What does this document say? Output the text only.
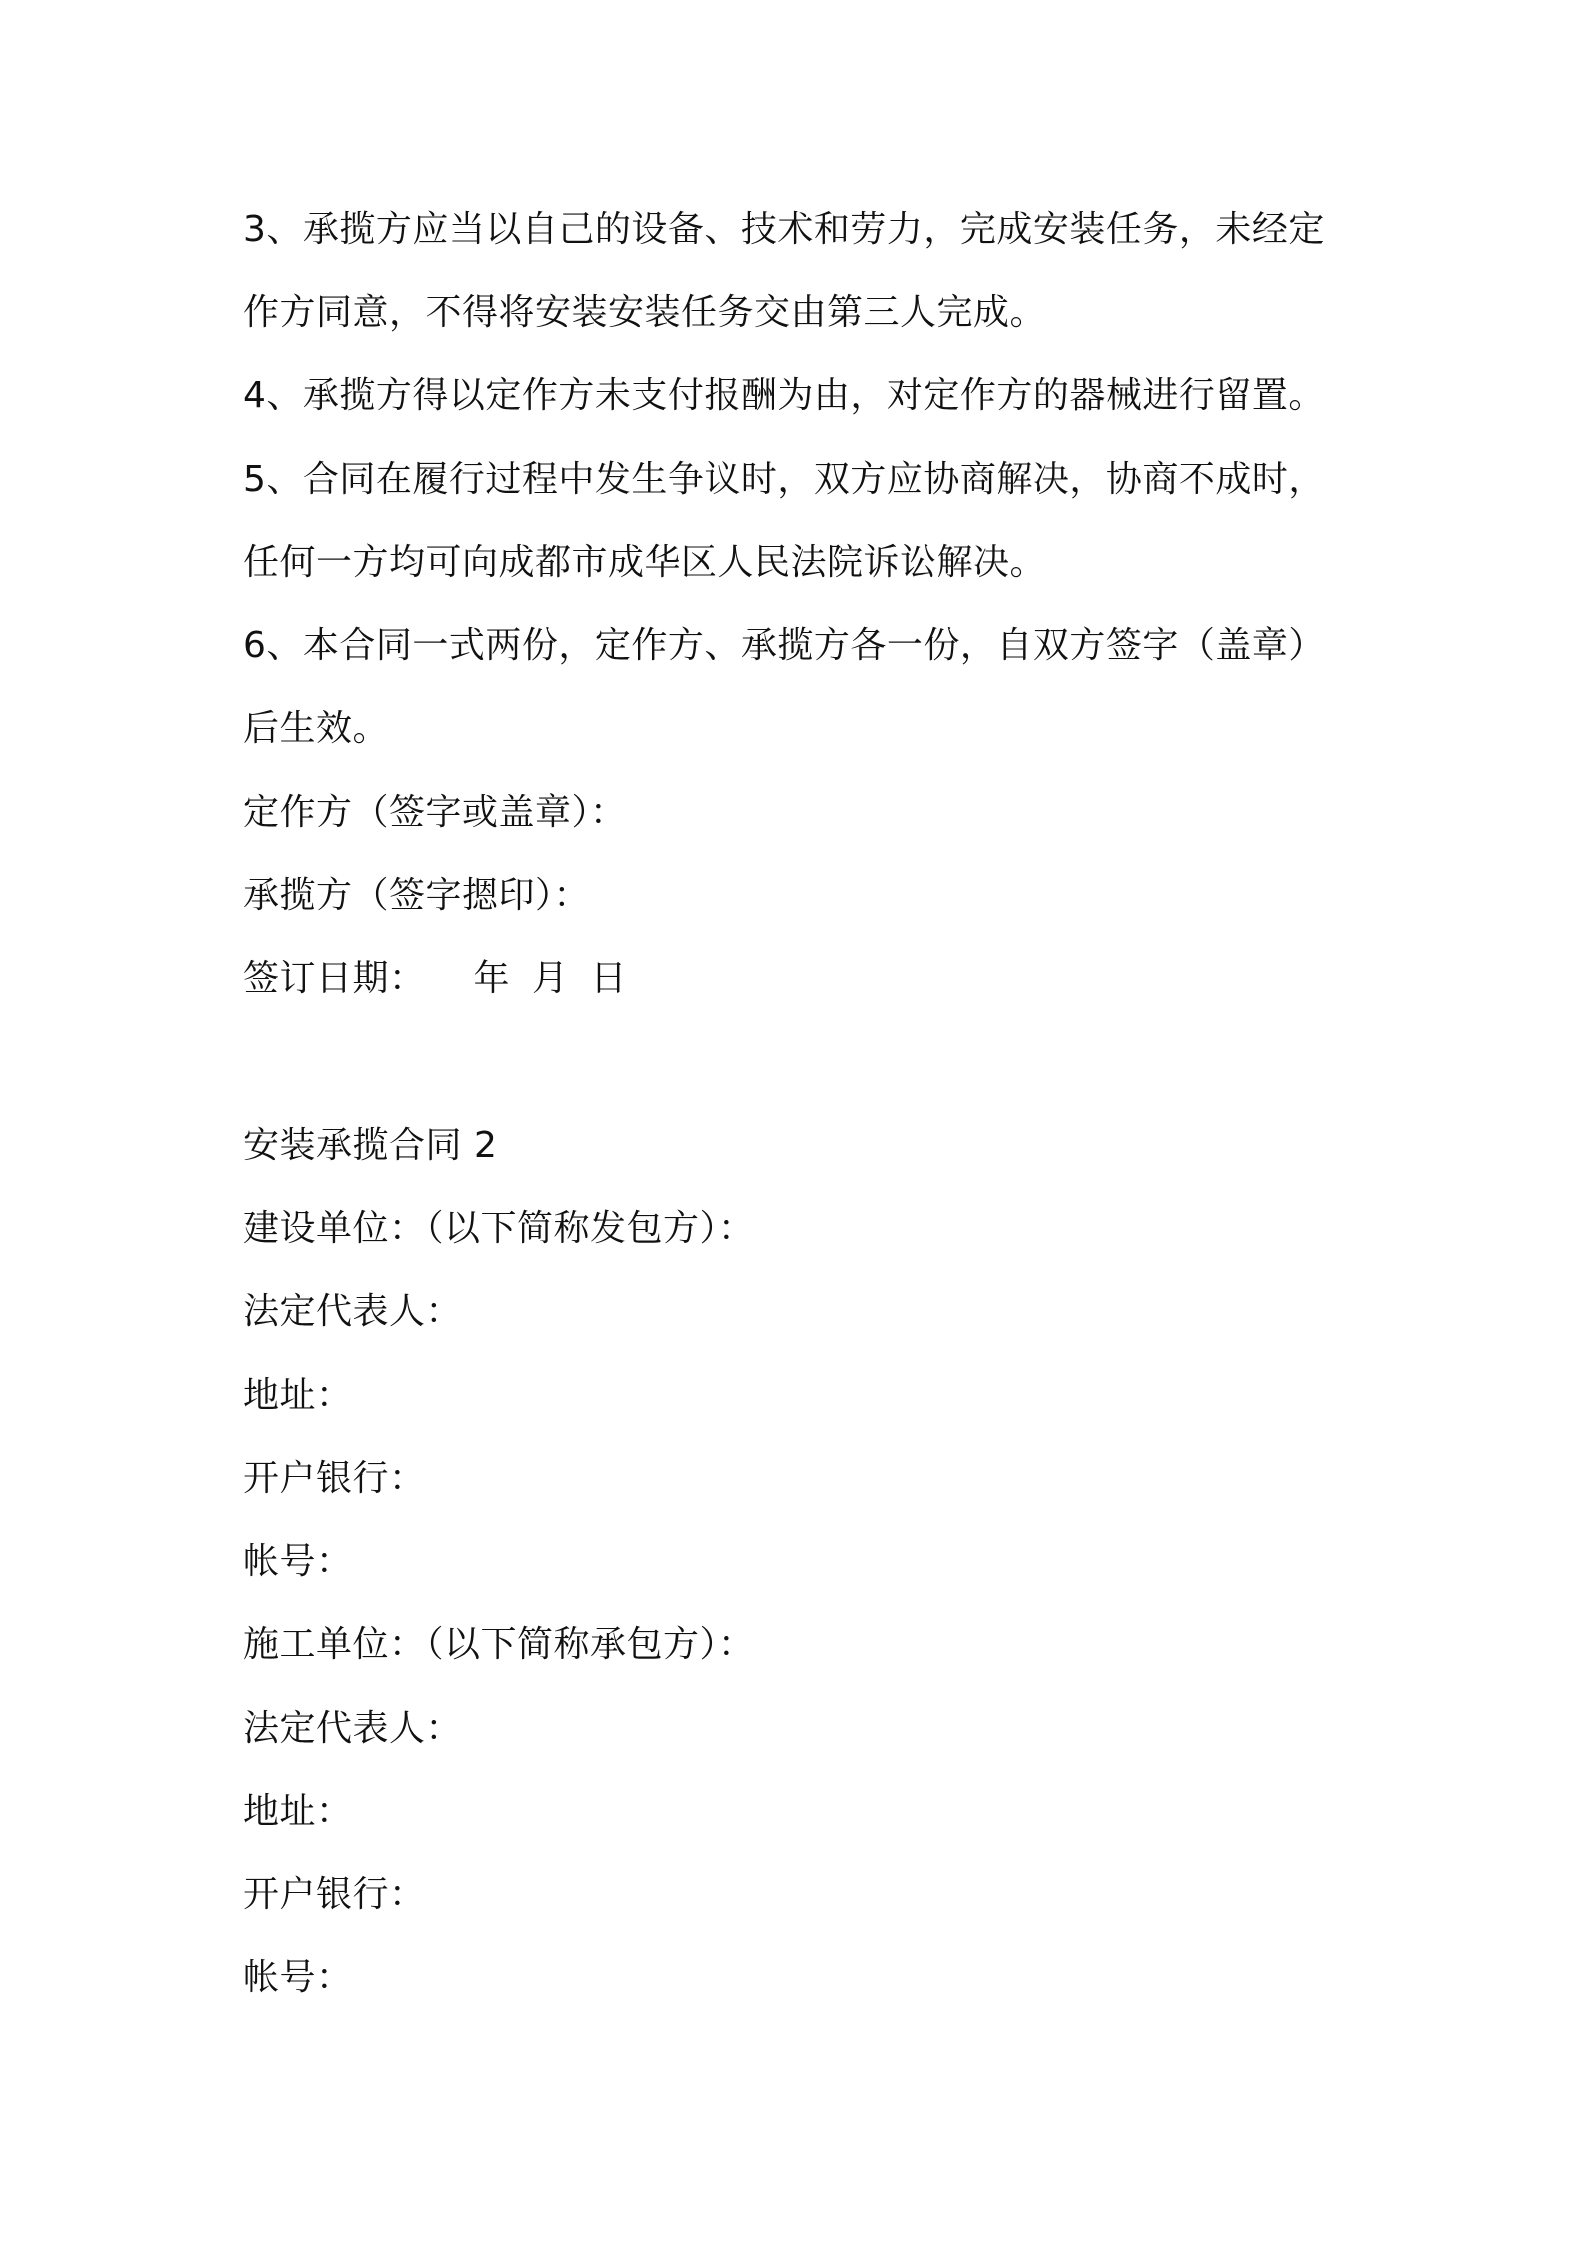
3、承揽方应当以自己的设备、技术和劳力，完成安装任务，未经定
作方同意，不得将安装安装任务交由第三人完成。
4、承揽方得以定作方未支付报酬为由，对定作方的器械进行留置。
5、合同在履行过程中发生争议时，双方应协商解决，协商不成时，
任何一方均可向成都市成华区人民法院诉讼解决。
6、本合同一式两份，定作方、承揽方各一份，自双方签字（盖章）
后生效。
定作方（签字或盖章）：
承揽方（签字摁印）：
签订日期： 年 月 日
安装承揽合同 2
建设单位：（以下简称发包方）：
法定代表人：
地址：
开户银行：
帐号：
施工单位：（以下简称承包方）：
法定代表人：
地址：
开户银行：
帐号：
